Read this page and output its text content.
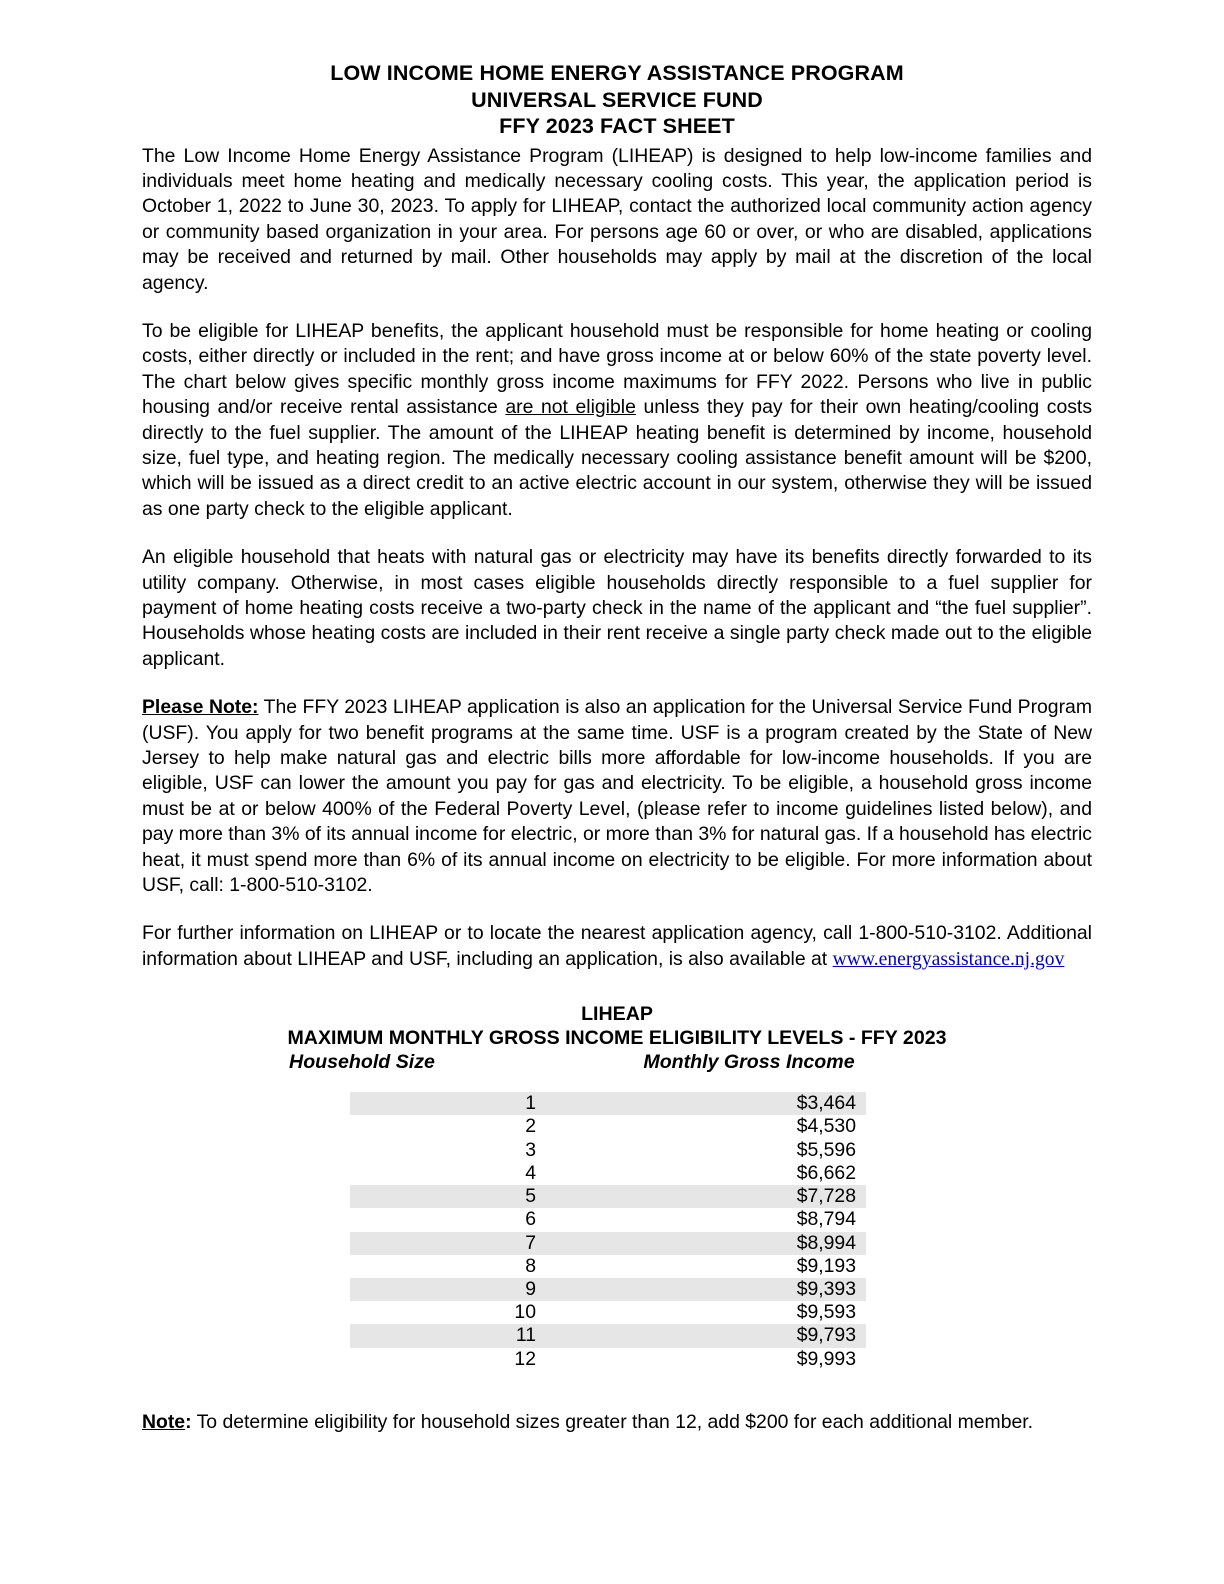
LOW INCOME HOME ENERGY ASSISTANCE PROGRAM
UNIVERSAL SERVICE FUND
FFY 2023 FACT SHEET

The Low Income Home Energy Assistance Program (LIHEAP) is designed to help low-income families and individuals meet home heating and medically necessary cooling costs. This year, the application period is October 1, 2022 to June 30, 2023. To apply for LIHEAP, contact the authorized local community action agency or community based organization in your area. For persons age 60 or over, or who are disabled, applications may be received and returned by mail. Other households may apply by mail at the discretion of the local agency.

To be eligible for LIHEAP benefits, the applicant household must be responsible for home heating or cooling costs, either directly or included in the rent; and have gross income at or below 60% of the state poverty level. The chart below gives specific monthly gross income maximums for FFY 2022. Persons who live in public housing and/or receive rental assistance are not eligible unless they pay for their own heating/cooling costs directly to the fuel supplier. The amount of the LIHEAP heating benefit is determined by income, household size, fuel type, and heating region. The medically necessary cooling assistance benefit amount will be $200, which will be issued as a direct credit to an active electric account in our system, otherwise they will be issued as one party check to the eligible applicant.

An eligible household that heats with natural gas or electricity may have its benefits directly forwarded to its utility company. Otherwise, in most cases eligible households directly responsible to a fuel supplier for payment of home heating costs receive a two-party check in the name of the applicant and “the fuel supplier”. Households whose heating costs are included in their rent receive a single party check made out to the eligible applicant.

Please Note: The FFY 2023 LIHEAP application is also an application for the Universal Service Fund Program (USF). You apply for two benefit programs at the same time. USF is a program created by the State of New Jersey to help make natural gas and electric bills more affordable for low-income households. If you are eligible, USF can lower the amount you pay for gas and electricity. To be eligible, a household gross income must be at or below 400% of the Federal Poverty Level, (please refer to income guidelines listed below), and pay more than 3% of its annual income for electric, or more than 3% for natural gas. If a household has electric heat, it must spend more than 6% of its annual income on electricity to be eligible. For more information about USF, call: 1-800-510-3102.

For further information on LIHEAP or to locate the nearest application agency, call 1-800-510-3102. Additional information about LIHEAP and USF, including an application, is also available at www.energyassistance.nj.gov

LIHEAP
MAXIMUM MONTHLY GROSS INCOME ELIGIBILITY LEVELS - FFY 2023
Household Size	Monthly Gross Income
1	$3,464
2	$4,530
3	$5,596
4	$6,662
5	$7,728
6	$8,794
7	$8,994
8	$9,193
9	$9,393
10	$9,593
11	$9,793
12	$9,993
Note: To determine eligibility for household sizes greater than 12, add $200 for each additional member.
